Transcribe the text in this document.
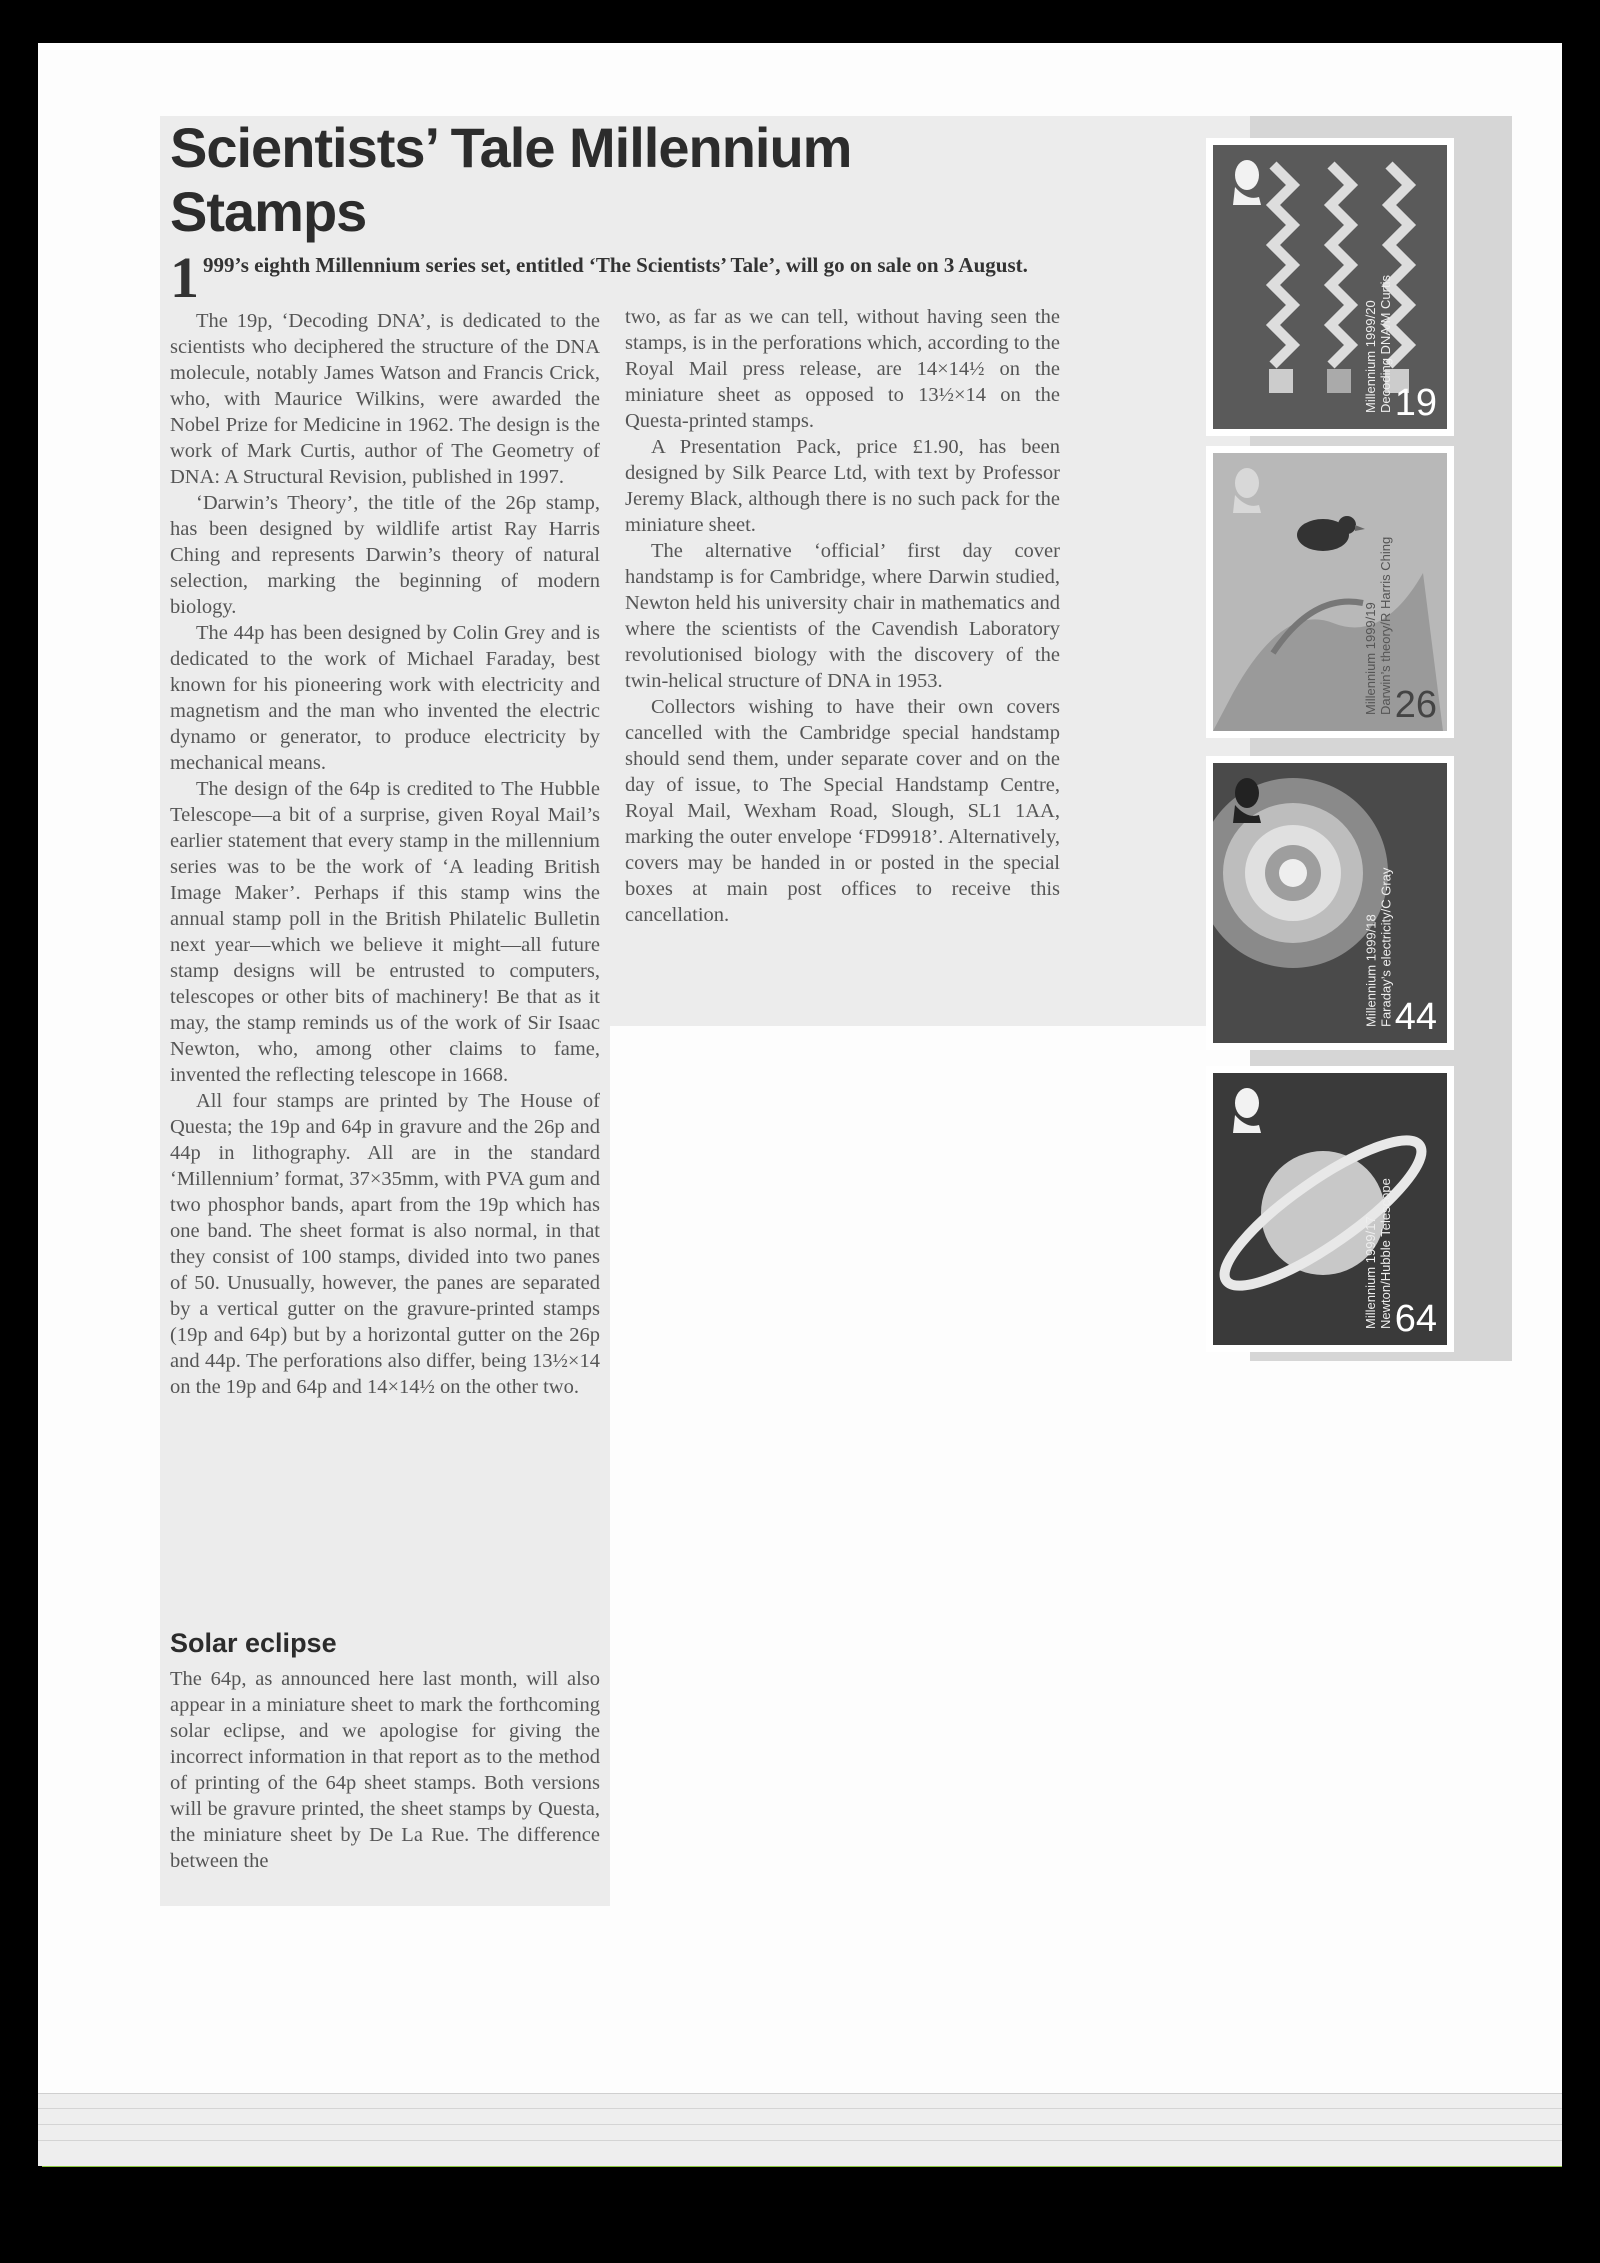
Scientists’ Tale Millennium Stamps
1 999’s eighth Millennium series set, entitled ‘The Scientists’ Tale’, will go on sale on 3 August.

The 19p, ‘Decoding DNA’, is dedicated to the scientists who deciphered the structure of the DNA molecule, notably James Watson and Francis Crick, who, with Maurice Wilkins, were awarded the Nobel Prize for Medicine in 1962. The design is the work of Mark Curtis, author of The Geometry of DNA: A Structural Revision, published in 1997.

‘Darwin’s Theory’, the title of the 26p stamp, has been designed by wildlife artist Ray Harris Ching and represents Darwin’s theory of natural selection, marking the beginning of modern biology.

The 44p has been designed by Colin Grey and is dedicated to the work of Michael Faraday, best known for his pioneering work with electricity and magnetism and the man who invented the electric dynamo or generator, to produce electricity by mechanical means.

The design of the 64p is credited to The Hubble Telescope—a bit of a surprise, given Royal Mail’s earlier statement that every stamp in the millennium series was to be the work of ‘A leading British Image Maker’. Perhaps if this stamp wins the annual stamp poll in the British Philatelic Bulletin next year—which we believe it might—all future stamp designs will be entrusted to computers, telescopes or other bits of machinery! Be that as it may, the stamp reminds us of the work of Sir Isaac Newton, who, among other claims to fame, invented the reflecting telescope in 1668.

All four stamps are printed by The House of Questa; the 19p and 64p in gravure and the 26p and 44p in lithography. All are in the standard ‘Millennium’ format, 37×35mm, with PVA gum and two phosphor bands, apart from the 19p which has one band. The sheet format is also normal, in that they consist of 100 stamps, divided into two panes of 50. Unusually, however, the panes are separated by a vertical gutter on the gravure-printed stamps (19p and 64p) but by a horizontal gutter on the 26p and 44p. The perforations also differ, being 13½×14 on the 19p and 64p and 14×14½ on the other two.

Solar eclipse

The 64p, as announced here last month, will also appear in a miniature sheet to mark the forthcoming solar eclipse, and we apologise for giving the incorrect information in that report as to the method of printing of the 64p sheet stamps. Both versions will be gravure printed, the sheet stamps by Questa, the miniature sheet by De La Rue. The difference between the

two, as far as we can tell, without having seen the stamps, is in the perforations which, according to the Royal Mail press release, are 14×14½ on the miniature sheet as opposed to 13½×14 on the Questa-printed stamps.

A Presentation Pack, price £1.90, has been designed by Silk Pearce Ltd, with text by Professor Jeremy Black, although there is no such pack for the miniature sheet.

The alternative ‘official’ first day cover handstamp is for Cambridge, where Darwin studied, Newton held his university chair in mathematics and where the scientists of the Cavendish Laboratory revolutionised biology with the discovery of the twin-helical structure of DNA in 1953.

Collectors wishing to have their own covers cancelled with the Cambridge special handstamp should send them, under separate cover and on the day of issue, to The Special Handstamp Centre, Royal Mail, Wexham Road, Slough, SL1 1AA, marking the outer envelope ‘FD9918’. Alternatively, covers may be handed in or posted in the special boxes at main post offices to receive this cancellation.

Millennium 1999/20 Decoding DNA/M Curtis 19
Millennium 1999/19 Darwin’s theory/R Harris Ching 26
Millennium 1999/18 Faraday’s electricity/C Gray 44
Millennium 1999/17 Newton/Hubble Telescope 64
